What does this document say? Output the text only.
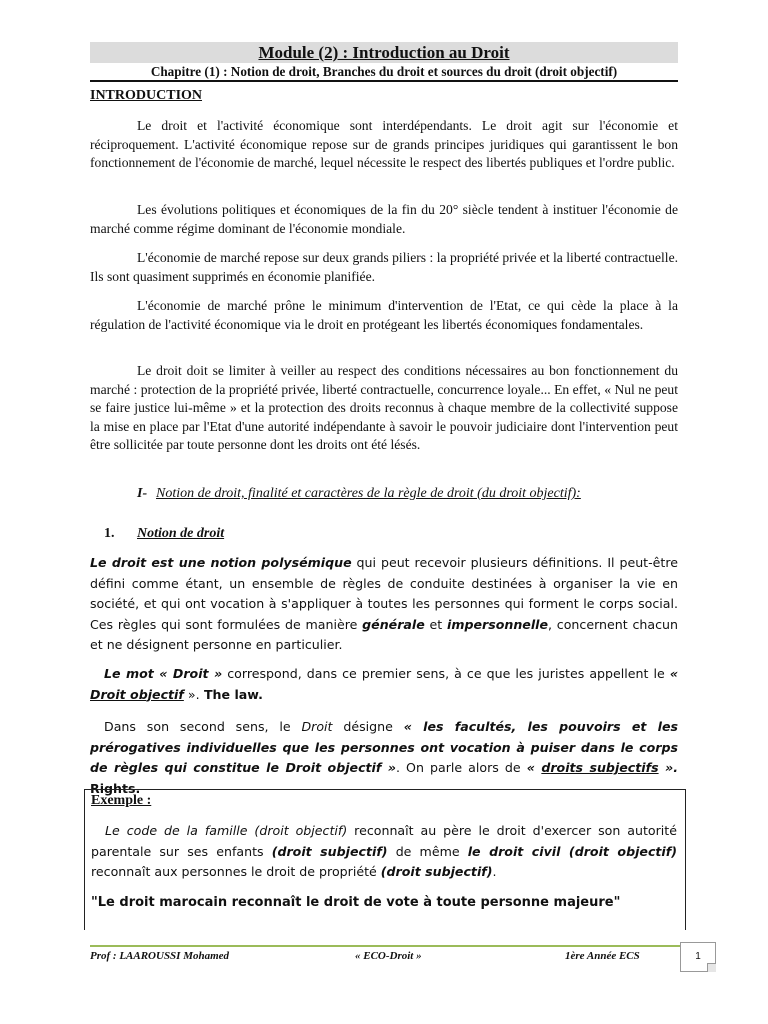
Module (2) : Introduction au Droit
Chapitre (1) : Notion de droit, Branches du droit et sources du droit (droit objectif)
INTRODUCTION
Le droit et l'activité économique sont interdépendants. Le droit agit sur l'économie et réciproquement. L'activité économique repose sur de grands principes juridiques qui garantissent le bon fonctionnement de l'économie de marché, lequel nécessite le respect des libertés publiques et l'ordre public.
Les évolutions politiques et économiques de la fin du 20° siècle tendent à instituer l'économie de marché comme régime dominant de l'économie mondiale.
L'économie de marché repose sur deux grands piliers : la propriété privée et la liberté contractuelle. Ils sont quasiment supprimés en économie planifiée.
L'économie de marché prône le minimum d'intervention de l'Etat, ce qui cède la place à la régulation de l'activité économique via le droit en protégeant les libertés économiques fondamentales.
Le droit doit se limiter à veiller au respect des conditions nécessaires au bon fonctionnement du marché : protection de la propriété privée, liberté contractuelle, concurrence loyale... En effet, « Nul ne peut se faire justice lui-même » et la protection des droits reconnus à chaque membre de la collectivité suppose la mise en place par l'Etat d'une autorité indépendante à savoir le pouvoir judiciaire dont l'intervention peut être sollicitée par toute personne dont les droits ont été lésés.
I- Notion de droit, finalité et caractères de la règle de droit (du droit objectif):
1. Notion de droit
Le droit est une notion polysémique qui peut recevoir plusieurs définitions. Il peut-être défini comme étant, un ensemble de règles de conduite destinées à organiser la vie en société, et qui ont vocation à s'appliquer à toutes les personnes qui forment le corps social. Ces règles qui sont formulées de manière générale et impersonnelle, concernent chacun et ne désignent personne en particulier.
Le mot « Droit » correspond, dans ce premier sens, à ce que les juristes appellent le « Droit objectif ». The law.
Dans son second sens, le Droit désigne « les facultés, les pouvoirs et les prérogatives individuelles que les personnes ont vocation à puiser dans le corps de règles qui constitue le Droit objectif ». On parle alors de « droits subjectifs ». Rights.
Exemple :
Le code de la famille (droit objectif) reconnaît au père le droit d'exercer son autorité parentale sur ses enfants (droit subjectif) de même le droit civil (droit objectif) reconnaît aux personnes le droit de propriété (droit subjectif).
"Le droit marocain reconnaît le droit de vote à toute personne majeure"
Prof : LAAROUSSI Mohamed	« ECO-Droit »	1ère Année ECS	1
